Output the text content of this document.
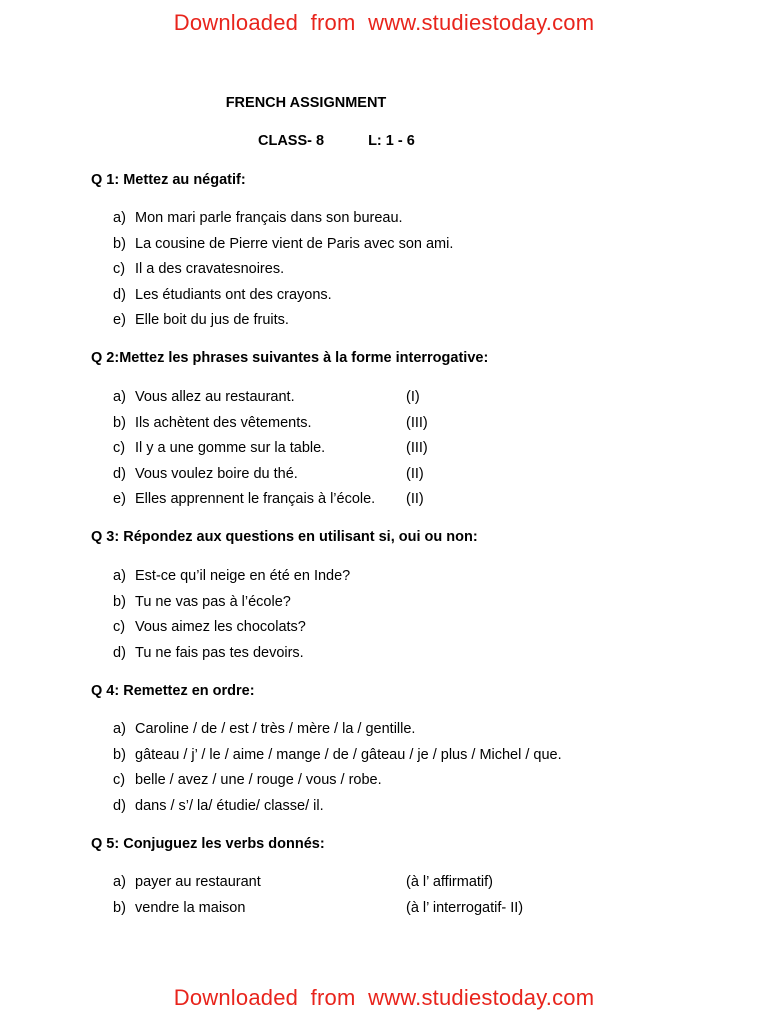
Downloaded  from  www.studiestoday.com
FRENCH ASSIGNMENT
CLASS- 8	L: 1 - 6
Q 1: Mettez au négatif:
a) Mon mari parle français dans son bureau.
b) La cousine de Pierre vient de Paris avec son ami.
c) Il a des cravatesnoires.
d) Les étudiants ont des crayons.
e) Elle boit du jus de fruits.
Q 2:Mettez les phrases suivantes à la forme interrogative:
a) Vous allez au restaurant.	(I)
b) Ils achètent des vêtements.	(III)
c) Il y a une gomme sur la table.	(III)
d) Vous voulez boire du thé.	(II)
e) Elles apprennent le français à l’école. (II)
Q 3: Répondez aux questions en utilisant si, oui ou non:
a) Est-ce qu’il neige en été en Inde?
b) Tu ne vas pas à l’école?
c) Vous aimez les chocolats?
d) Tu ne fais pas tes devoirs.
Q 4: Remettez en ordre:
a) Caroline / de / est / très / mère / la / gentille.
b) gâteau / j’ / le / aime / mange / de / gâteau / je / plus / Michel / que.
c) belle / avez / une / rouge / vous / robe.
d) dans / s’/ la/ étudie/ classe/ il.
Q 5: Conjuguez les verbs donnés:
a) payer au restaurant	(à l’ affirmatif)
b) vendre la maison	(à l’ interrogatif- II)
Downloaded  from  www.studiestoday.com
